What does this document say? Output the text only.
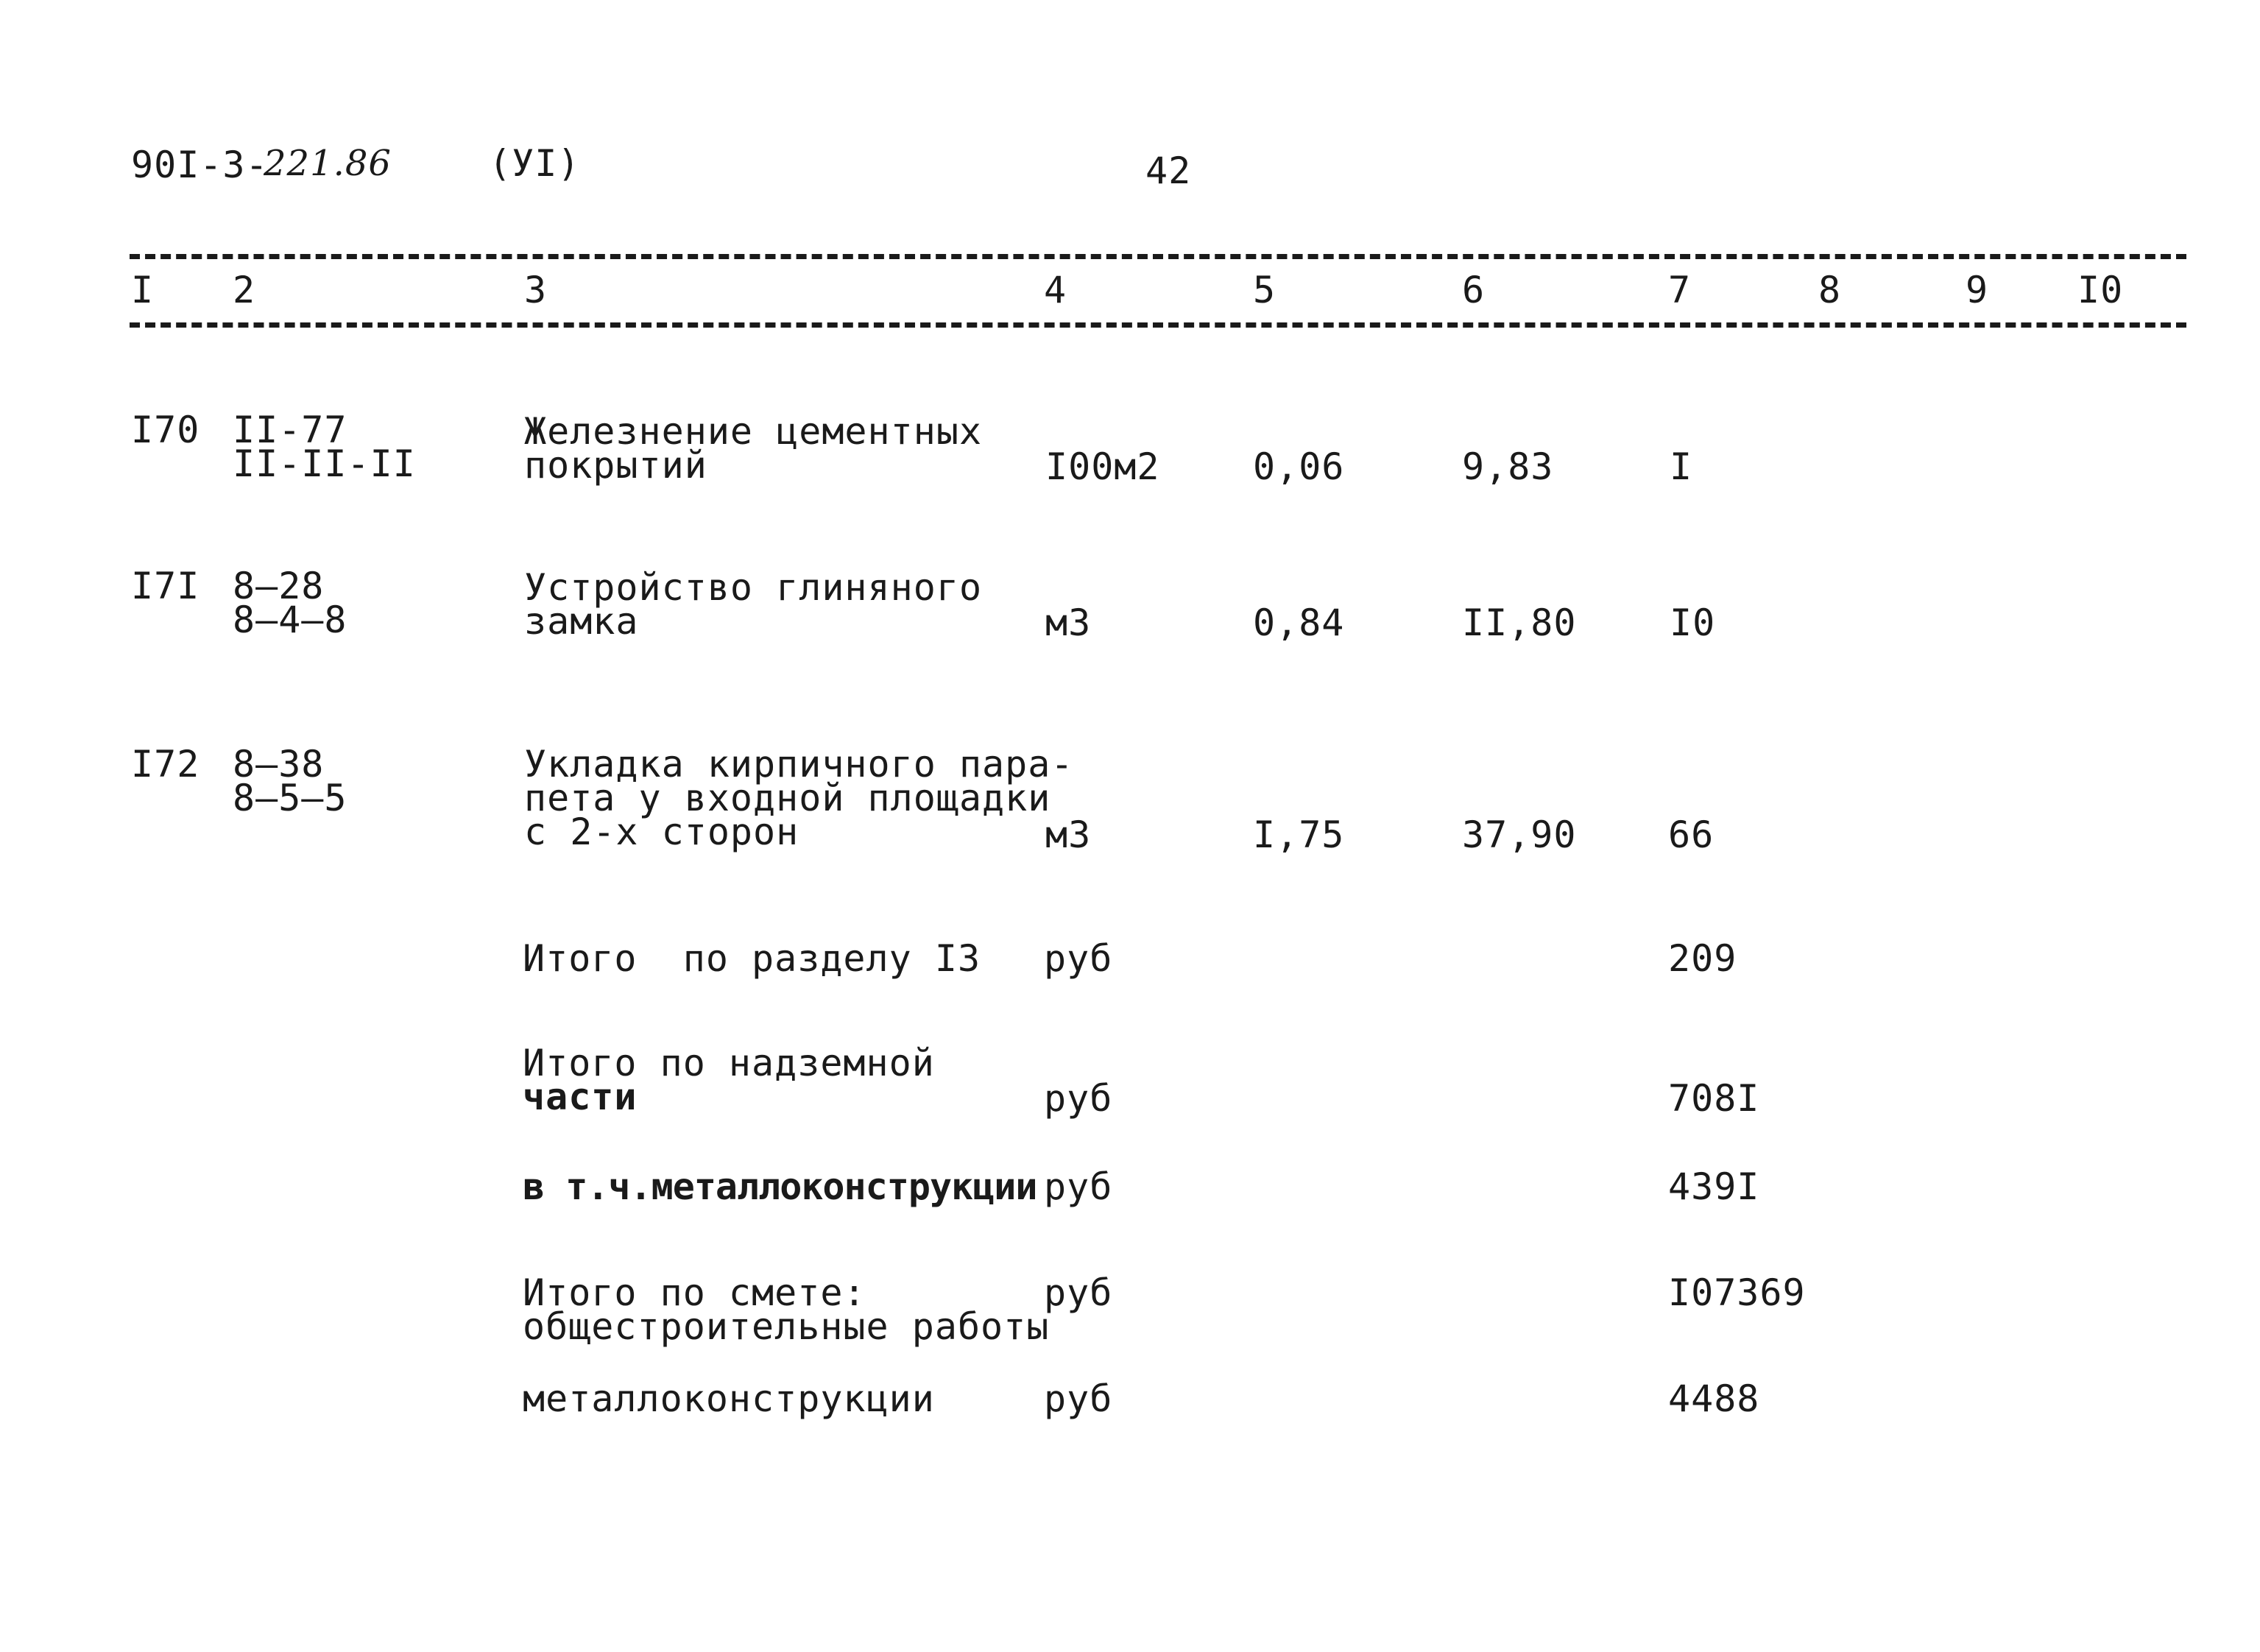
90I-3-
221.86	(УI)	42
I 2	3	4	5	6	7	8	9 I0
I70 II-77
II-II-II
Железнение цементных
покрытий	I00м2	0,06	9,83	I
I7I 8–28
8–4–8
Устройство глиняного
замка	м3	0,84	II,80	I0
I72 8–38
8–5–5
Укладка кирпичного пара-
пета у входной площадки
с 2-х сторон	м3	I,75	37,90 66
Итого  по разделу I3 руб	209
Итого по надземной
части	руб	708I
в т.ч.металлоконструкции руб	439I
Итого по смете:
общестроительные работы
руб	I07369
металлоконструкции	руб	4488
